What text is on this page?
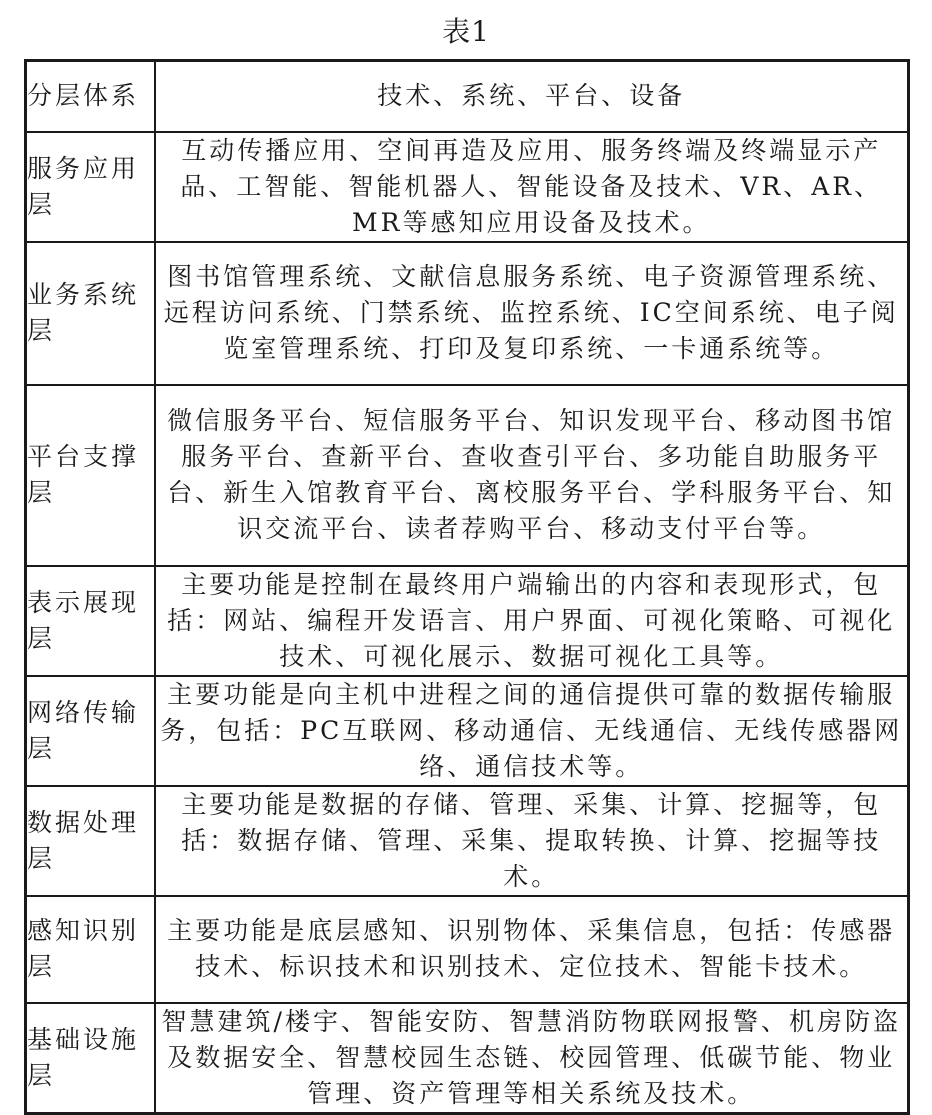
表1
分层体系	技术、系统、平台、设备

服务应用层	互动传播应用、空间再造及应用、服务终端及终端显示产品、工智能、智能机器人、智能设备及技术、VR、AR、MR等感知应用设备及技术。

业务系统层	图书馆管理系统、文献信息服务系统、电子资源管理系统、远程访问系统、门禁系统、监控系统、IC空间系统、电子阅览室管理系统、打印及复印系统、一卡通系统等。

平台支撑层	微信服务平台、短信服务平台、知识发现平台、移动图书馆服务平台、查新平台、查收查引平台、多功能自助服务平台、新生入馆教育平台、离校服务平台、学科服务平台、知识交流平台、读者荐购平台、移动支付平台等。

表示展现层	主要功能是控制在最终用户端输出的内容和表现形式，包括：网站、编程开发语言、用户界面、可视化策略、可视化技术、可视化展示、数据可视化工具等。

网络传输层	主要功能是向主机中进程之间的通信提供可靠的数据传输服务，包括：PC互联网、移动通信、无线通信、无线传感器网络、通信技术等。

数据处理层	主要功能是数据的存储、管理、采集、计算、挖掘等，包括：数据存储、管理、采集、提取转换、计算、挖掘等技术。

感知识别层	主要功能是底层感知、识别物体、采集信息，包括：传感器技术、标识技术和识别技术、定位技术、智能卡技术。

基础设施层	智慧建筑/楼宇、智能安防、智慧消防物联网报警、机房防盗及数据安全、智慧校园生态链、校园管理、低碳节能、物业管理、资产管理等相关系统及技术。
